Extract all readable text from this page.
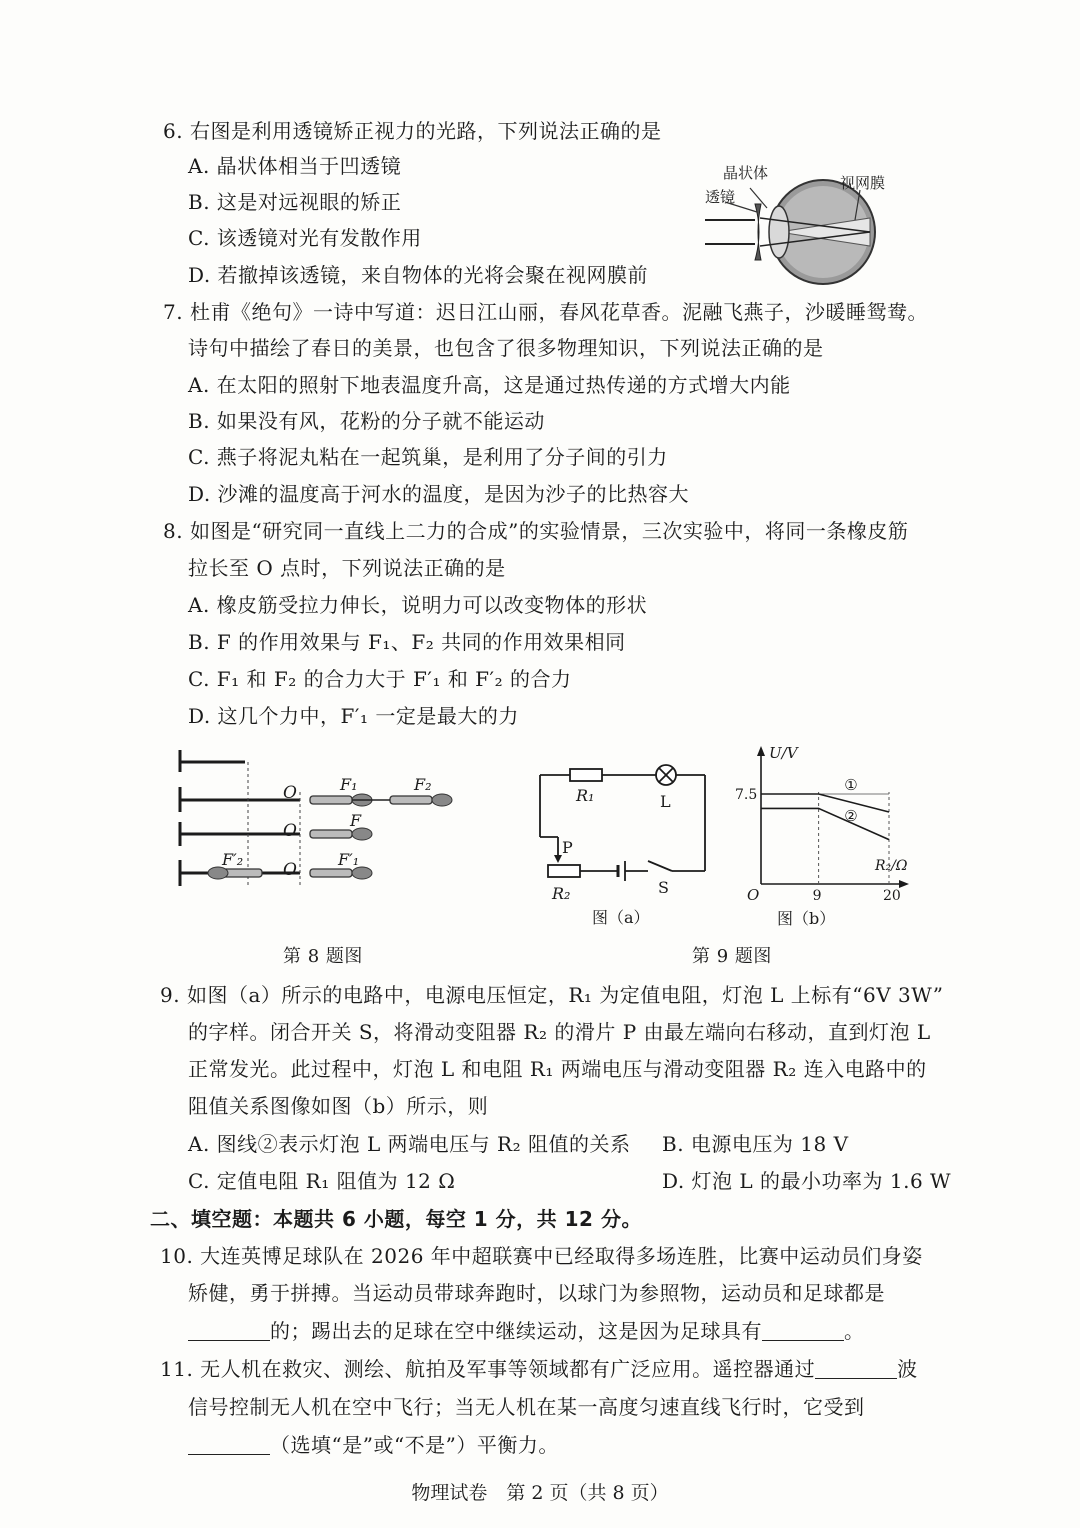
6. 右图是利用透镜矫正视力的光路，下列说法正确的是
A. 晶状体相当于凹透镜
B. 这是对远视眼的矫正
C. 该透镜对光有发散作用
D. 若撤掉该透镜，来自物体的光将会聚在视网膜前
晶状体
透镜
视网膜
7. 杜甫《绝句》一诗中写道：迟日江山丽，春风花草香。泥融飞燕子，沙暖睡鸳鸯。
诗句中描绘了春日的美景，也包含了很多物理知识，下列说法正确的是
A. 在太阳的照射下地表温度升高，这是通过热传递的方式增大内能
B. 如果没有风，花粉的分子就不能运动
C. 燕子将泥丸粘在一起筑巢，是利用了分子间的引力
D. 沙滩的温度高于河水的温度，是因为沙子的比热容大
8. 如图是“研究同一直线上二力的合成”的实验情景，三次实验中，将同一条橡皮筋
拉长至 O 点时，下列说法正确的是
A. 橡皮筋受拉力伸长，说明力可以改变物体的形状
B. F 的作用效果与 F₁、F₂ 共同的作用效果相同
C. F₁ 和 F₂ 的合力大于 F′₁ 和 F′₂ 的合力
D. 这几个力中，F′₁ 一定是最大的力
O
O
O
F₁	F₂
F
F′₁
F′₂
R₁	L
P
R₂	S
图（a）
U/V
R₂/Ω
O
7.5
9	20
①
②
图（b）
第 8 题图	第 9 题图
9. 如图（a）所示的电路中，电源电压恒定，R₁ 为定值电阻，灯泡 L 上标有“6V 3W”
的字样。闭合开关 S，将滑动变阻器 R₂ 的滑片 P 由最左端向右移动，直到灯泡 L
正常发光。此过程中，灯泡 L 和电阻 R₁ 两端电压与滑动变阻器 R₂ 连入电路中的
阻值关系图像如图（b）所示，则
A. 图线②表示灯泡 L 两端电压与 R₂ 阻值的关系 B. 电源电压为 18 V
C. 定值电阻 R₁ 阻值为 12 Ω	D. 灯泡 L 的最小功率为 1.6 W
二、填空题：本题共 6 小题，每空 1 分，共 12 分。
10. 大连英博足球队在 2026 年中超联赛中已经取得多场连胜，比赛中运动员们身姿
矫健，勇于拼搏。当运动员带球奔跑时，以球门为参照物，运动员和足球都是
的；踢出去的足球在空中继续运动，这是因为足球具有	。
11. 无人机在救灾、测绘、航拍及军事等领域都有广泛应用。遥控器通过	波
信号控制无人机在空中飞行；当无人机在某一高度匀速直线飞行时，它受到
（选填“是”或“不是”）平衡力。
物理试卷　第 2 页（共 8 页）
